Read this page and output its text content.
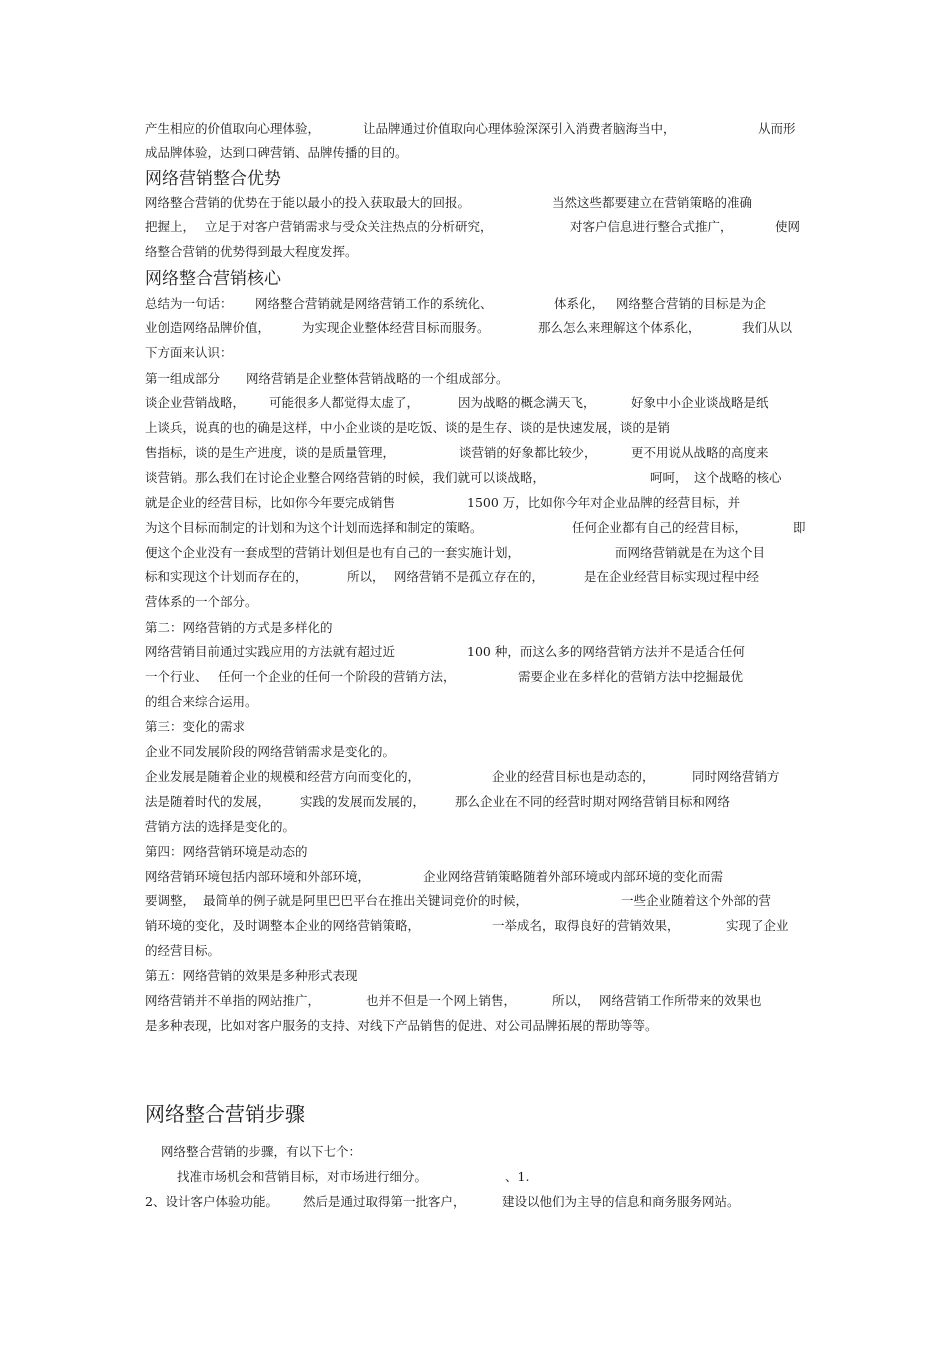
产生相应的价值取向心理体验，	让品牌通过价值取向心理体验深深引入消费者脑海当中，	从而形
成品牌体验，达到口碑营销、品牌传播的目的。
网络营销整合优势
网络整合营销的优势在于能以最小的投入获取最大的回报。	当然这些都要建立在营销策略的准确
把握上， 立足于对客户营销需求与受众关注热点的分析研究，	对客户信息进行整合式推广，	使网
络整合营销的优势得到最大程度发挥。
网络整合营销核心
总结为一句话： 网络整合营销就是网络营销工作的系统化、	体系化， 网络整合营销的目标是为企
业创造网络品牌价值，	为实现企业整体经营目标而服务。	那么怎么来理解这个体系化，	我们从以
下方面来认识：
第一组成部分 网络营销是企业整体营销战略的一个组成部分。
谈企业营销战略， 可能很多人都觉得太虚了，	因为战略的概念满天飞，	好象中小企业谈战略是纸
上谈兵，说真的也的确是这样，中小企业谈的是吃饭、谈的是生存、谈的是快速发展，谈的是销
售指标，谈的是生产进度，谈的是质量管理，	谈营销的好象都比较少，	更不用说从战略的高度来
谈营销。那么我们在讨论企业整合网络营销的时候，我们就可以谈战略，	呵呵， 这个战略的核心
就是企业的经营目标，比如你今年要完成销售	1500 万，比如你今年对企业品牌的经营目标，并
为这个目标而制定的计划和为这个计划而选择和制定的策略。	任何企业都有自己的经营目标，	即
便这个企业没有一套成型的营销计划但是也有自己的一套实施计划，	而网络营销就是在为这个目
标和实现这个计划而存在的，	所以， 网络营销不是孤立存在的，	是在企业经营目标实现过程中经
营体系的一个部分。
第二：网络营销的方式是多样化的
网络营销目前通过实践应用的方法就有超过近	100 种，而这么多的网络营销方法并不是适合任何
一个行业、 任何一个企业的任何一个阶段的营销方法，	需要企业在多样化的营销方法中挖掘最优
的组合来综合运用。
第三：变化的需求
企业不同发展阶段的网络营销需求是变化的。
企业发展是随着企业的规模和经营方向而变化的，	企业的经营目标也是动态的，	同时网络营销方
法是随着时代的发展， 实践的发展而发展的， 那么企业在不同的经营时期对网络营销目标和网络
营销方法的选择是变化的。
第四：网络营销环境是动态的
网络营销环境包括内部环境和外部环境，	企业网络营销策略随着外部环境或内部环境的变化而需
要调整， 最简单的例子就是阿里巴巴平台在推出关键词竞价的时候，	一些企业随着这个外部的营
销环境的变化，及时调整本企业的网络营销策略，	一举成名，取得良好的营销效果，	实现了企业
的经营目标。
第五：网络营销的效果是多种形式表现
网络营销并不单指的网站推广，	也并不但是一个网上销售，	所以， 网络营销工作所带来的效果也
是多种表现，比如对客户服务的支持、对线下产品销售的促进、对公司品牌拓展的帮助等等。
网络整合营销步骤
网络整合营销的步骤，有以下七个：
找准市场机会和营销目标，对市场进行细分。	、1.
2、设计客户体验功能。 然后是通过取得第一批客户，	建设以他们为主导的信息和商务服务网站。
